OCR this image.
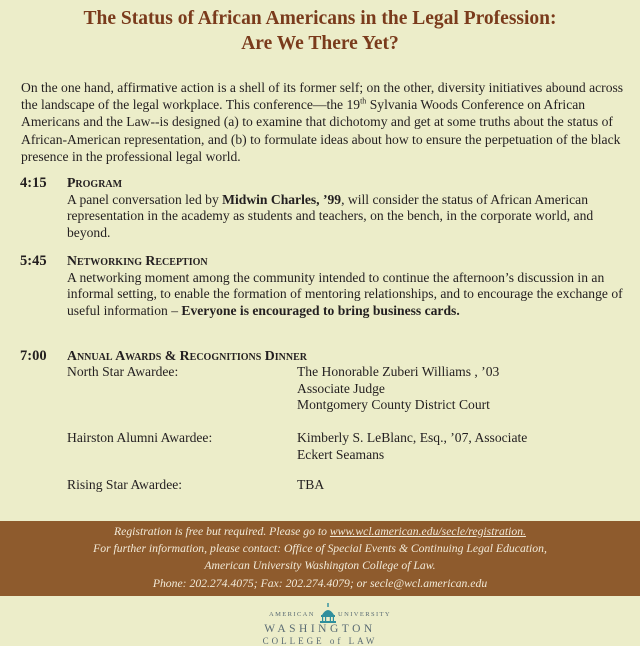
The Status of African Americans in the Legal Profession:
Are We There Yet?
On the one hand, affirmative action is a shell of its former self; on the other, diversity initiatives abound across the landscape of the legal workplace. This conference—the 19th Sylvania Woods Conference on African Americans and the Law--is designed (a) to examine that dichotomy and get at some truths about the status of African-American representation, and (b) to formulate ideas about how to ensure the perpetuation of the black presence in the professional legal world.
4:15 Program
A panel conversation led by Midwin Charles, ’99, will consider the status of African American representation in the academy as students and teachers, on the bench, in the corporate world, and beyond.
5:45 Networking Reception
A networking moment among the community intended to continue the afternoon’s discussion in an informal setting, to enable the formation of mentoring relationships, and to encourage the exchange of useful information – Everyone is encouraged to bring business cards.
7:00 Annual Awards & Recognitions Dinner
North Star Awardee:	The Honorable Zuberi Williams , ’03
Associate Judge
Montgomery County District Court
Hairston Alumni Awardee:	Kimberly S. LeBlanc, Esq., ’07, Associate
Eckert Seamans
Rising Star Awardee:	TBA
Registration is free but required. Please go to www.wcl.american.edu/secle/registration.
For further information, please contact: Office of Special Events & Continuing Legal Education,
American University Washington College of Law.
Phone: 202.274.4075; Fax: 202.274.4079; or secle@wcl.american.edu
AMERICAN	UNIVERSITY
WASHINGTON
COLLEGE of LAW
